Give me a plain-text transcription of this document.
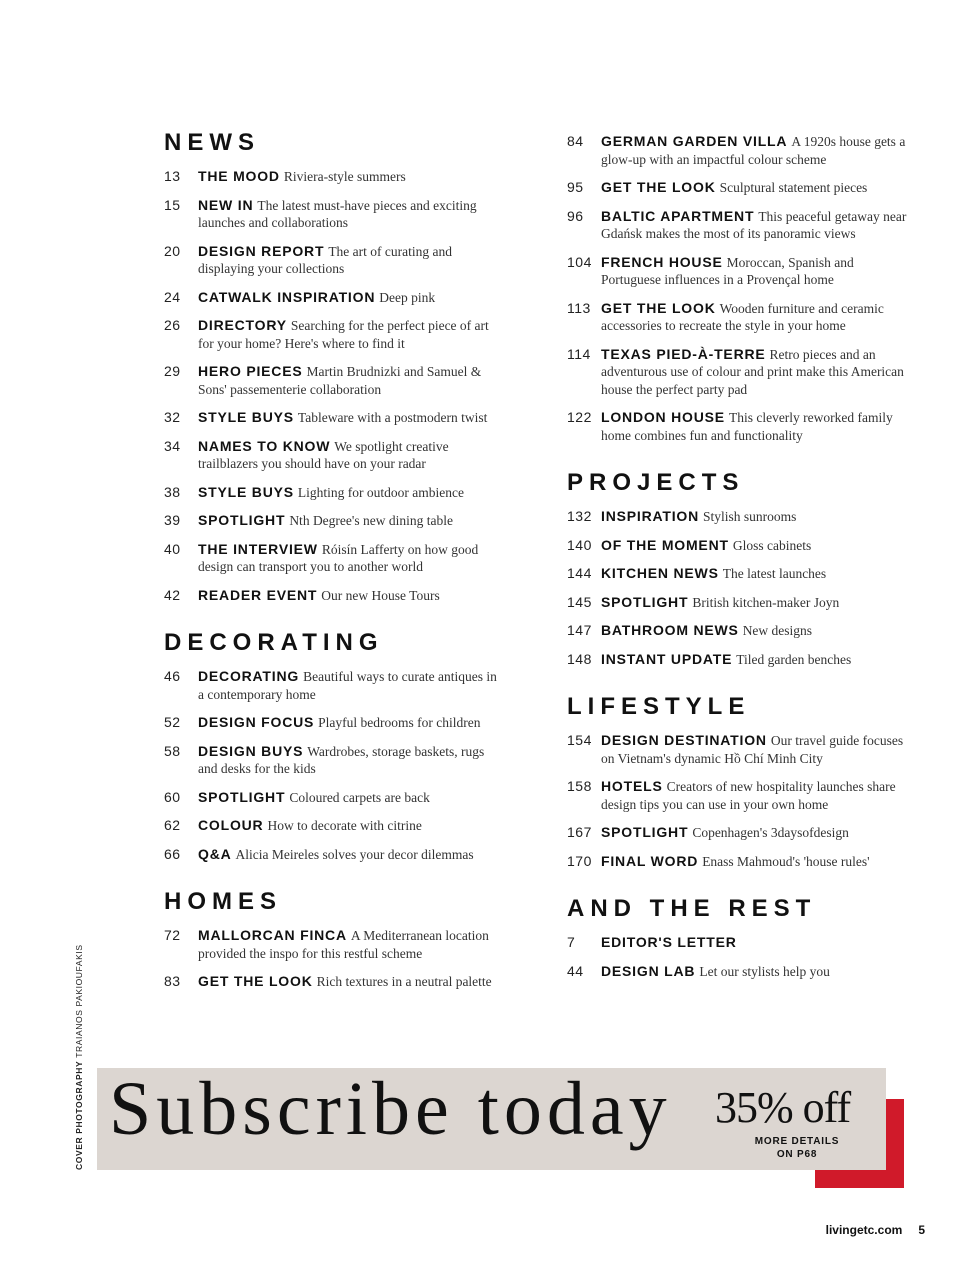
NEWS
13	THE MOOD Riviera-style summers
15	NEW IN The latest must-have pieces and exciting launches and collaborations
20	DESIGN REPORT The art of curating and displaying your collections
24	CATWALK INSPIRATION Deep pink
26	DIRECTORY Searching for the perfect piece of art for your home? Here's where to find it
29	HERO PIECES Martin Brudnizki and Samuel & Sons' passementerie collaboration
32	STYLE BUYS Tableware with a postmodern twist
34	NAMES TO KNOW We spotlight creative trailblazers you should have on your radar
38	STYLE BUYS Lighting for outdoor ambience
39	SPOTLIGHT Nth Degree's new dining table
40	THE INTERVIEW Róisín Lafferty on how good design can transport you to another world
42	READER EVENT Our new House Tours
DECORATING
46	DECORATING Beautiful ways to curate antiques in a contemporary home
52	DESIGN FOCUS Playful bedrooms for children
58	DESIGN BUYS Wardrobes, storage baskets, rugs and desks for the kids
60	SPOTLIGHT Coloured carpets are back
62	COLOUR How to decorate with citrine
66	Q&A Alicia Meireles solves your decor dilemmas
HOMES
72	MALLORCAN FINCA A Mediterranean location provided the inspo for this restful scheme
83	GET THE LOOK Rich textures in a neutral palette
84	GERMAN GARDEN VILLA A 1920s house gets a glow-up with an impactful colour scheme
95	GET THE LOOK Sculptural statement pieces
96	BALTIC APARTMENT This peaceful getaway near Gdańsk makes the most of its panoramic views
104 FRENCH HOUSE Moroccan, Spanish and Portuguese influences in a Provençal home
113 GET THE LOOK Wooden furniture and ceramic accessories to recreate the style in your home
114 TEXAS PIED-À-TERRE Retro pieces and an adventurous use of colour and print make this American house the perfect party pad
122 LONDON HOUSE This cleverly reworked family home combines fun and functionality
PROJECTS
132 INSPIRATION Stylish sunrooms
140 OF THE MOMENT Gloss cabinets
144 KITCHEN NEWS The latest launches
145 SPOTLIGHT British kitchen-maker Joyn
147 BATHROOM NEWS New designs
148 INSTANT UPDATE Tiled garden benches
LIFESTYLE
154 DESIGN DESTINATION Our travel guide focuses on Vietnam's dynamic Hồ Chí Minh City
158 HOTELS Creators of new hospitality launches share design tips you can use in your own home
167 SPOTLIGHT Copenhagen's 3daysofdesign
170 FINAL WORD Enass Mahmoud's 'house rules'
AND THE REST
7	EDITOR'S LETTER
44	DESIGN LAB Let our stylists help you
COVER PHOTOGRAPHYTRAIANOS PAKIOUFAKIS
Subscribe today 35% off
MORE DETAILS
ON P68
livingetc.com 5
